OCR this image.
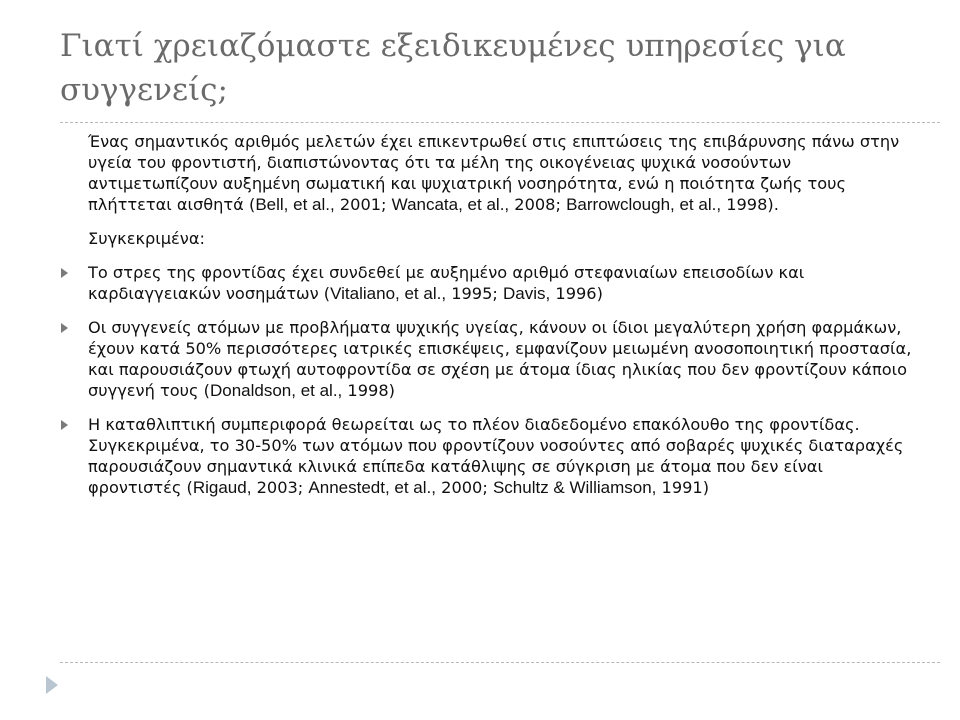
Γιατί χρειαζόμαστε εξειδικευμένες υπηρεσίες για συγγενείς;

Ένας σημαντικός αριθμός μελετών έχει επικεντρωθεί στις επιπτώσεις της επιβάρυνσης πάνω στην υγεία του φροντιστή, διαπιστώνοντας ότι τα μέλη της οικογένειας ψυχικά νοσούντων αντιμετωπίζουν αυξημένη σωματική και ψυχιατρική νοσηρότητα, ενώ η ποιότητα ζωής τους πλήττεται αισθητά (Bell, et al., 2001; Wancata, et al., 2008; Barrowclough, et al., 1998).

Συγκεκριμένα:

Το στρες της φροντίδας έχει συνδεθεί με αυξημένο αριθμό στεφανιαίων επεισοδίων και καρδιαγγειακών νοσημάτων (Vitaliano, et al., 1995; Davis, 1996)

Οι συγγενείς ατόμων με προβλήματα ψυχικής υγείας, κάνουν οι ίδιοι μεγαλύτερη χρήση φαρμάκων, έχουν κατά 50% περισσότερες ιατρικές επισκέψεις, εμφανίζουν μειωμένη ανοσοποιητική προστασία, και παρουσιάζουν φτωχή αυτοφροντίδα σε σχέση με άτομα ίδιας ηλικίας που δεν φροντίζουν κάποιο συγγενή τους (Donaldson, et al., 1998)

Η καταθλιπτική συμπεριφορά θεωρείται ως το πλέον διαδεδομένο επακόλουθο της φροντίδας. Συγκεκριμένα, το 30-50% των ατόμων που φροντίζουν νοσούντες από σοβαρές ψυχικές διαταραχές παρουσιάζουν σημαντικά κλινικά επίπεδα κατάθλιψης σε σύγκριση με άτομα που δεν είναι φροντιστές (Rigaud, 2003; Annestedt, et al., 2000; Schultz & Williamson, 1991)
